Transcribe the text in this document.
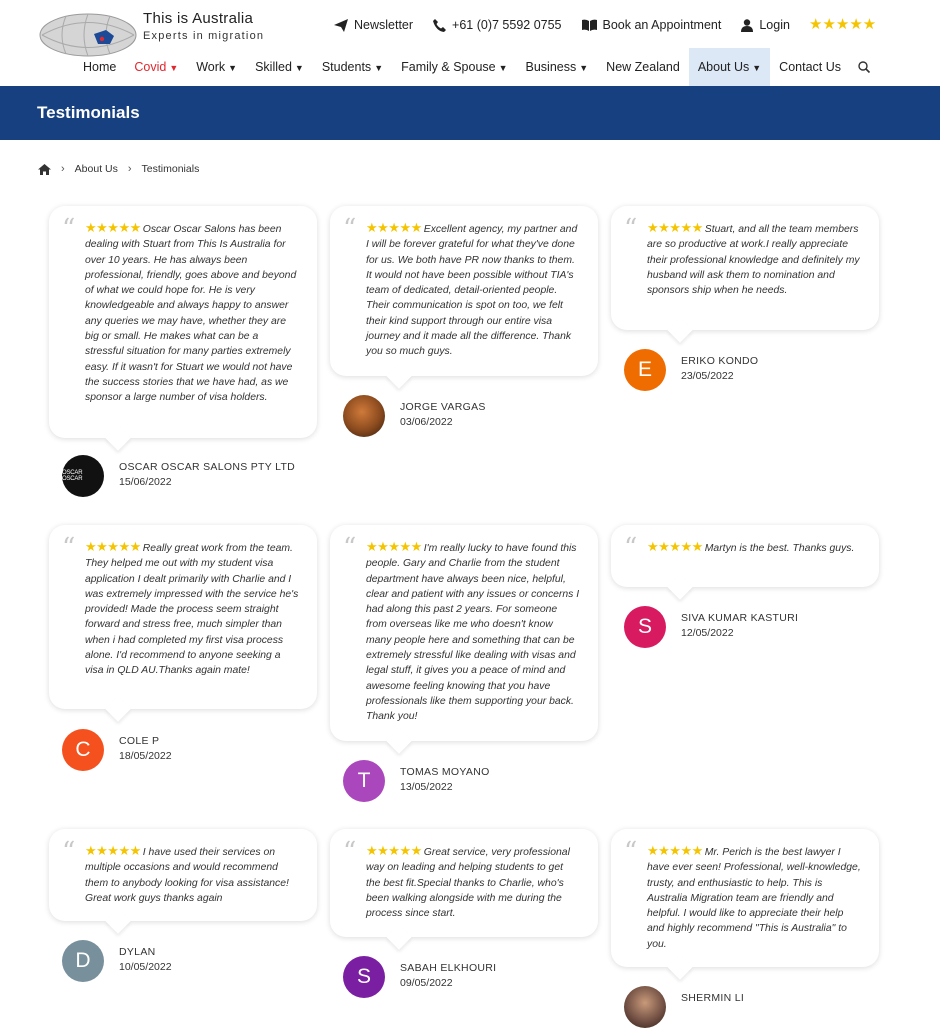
This is Australia
Experts in migration
Newsletter	+61 (0)7 5592 0755	Book an Appointment	Login ★★★★★
Home Covid ▼ Work ▼ Skilled ▼ Students ▼ Family & Spouse ▼ Business ▼ New Zealand About Us ▼ Contact Us
Testimonials
› About Us › Testimonials
“ ★★★★★ Oscar Oscar Salons has been dealing with Stuart from This Is Australia for over 10 years. He has always been professional, friendly, goes above and beyond of what we could hope for. He is very knowledgeable and always happy to answer any queries we may have, whether they are big or small. He makes what can be a stressful situation for many parties extremely easy. If it wasn't for Stuart we would not have the success stories that we have had, as we sponsor a large number of visa holders.
OSCAR OSCAR
OSCAR OSCAR SALONS PTY LTD
15/06/2022
“ ★★★★★ Excellent agency, my partner and I will be forever grateful for what they've done for us. We both have PR now thanks to them. It would not have been possible without TIA's team of dedicated, detail-oriented people. Their communication is spot on too, we felt their kind support through our entire visa journey and it made all the difference. Thank you so much guys.
JORGE VARGAS
03/06/2022
“ ★★★★★ Stuart, and all the team members are so productive at work.I really appreciate their professional knowledge and definitely my husband will ask them to nomination and sponsors ship when he needs.
E	ERIKO KONDO
23/05/2022
“ ★★★★★ Really great work from the team. They helped me out with my student visa application I dealt primarily with Charlie and I was extremely impressed with the service he's provided! Made the process seem straight forward and stress free, much simpler than when i had completed my first visa process alone. I'd recommend to anyone seeking a visa in QLD AU.Thanks again mate!
C	COLE P
18/05/2022
“ ★★★★★ I'm really lucky to have found this people. Gary and Charlie from the student department have always been nice, helpful, clear and patient with any issues or concerns I had along this past 2 years. For someone from overseas like me who doesn't know many people here and something that can be extremely stressful like dealing with visas and legal stuff, it gives you a peace of mind and awesome feeling knowing that you have professionals like them supporting your back. Thank you!
T	TOMAS MOYANO
13/05/2022
“ ★★★★★ Martyn is the best. Thanks guys.
S	SIVA KUMAR KASTURI
12/05/2022
“ ★★★★★ I have used their services on multiple occasions and would recommend them to anybody looking for visa assistance! Great work guys thanks again
D	DYLAN
10/05/2022
“ ★★★★★ Great service, very professional way on leading and helping students to get the best fit.Special thanks to Charlie, who's been walking alongside with me during the process since start.
S	SABAH ELKHOURI
09/05/2022
“ ★★★★★ Mr. Perich is the best lawyer I have ever seen! Professional, well-knowledge, trusty, and enthusiastic to help. This is Australia Migration team are friendly and helpful. I would like to appreciate their help and highly recommend "This is Australia" to you.
SHERMIN LI
